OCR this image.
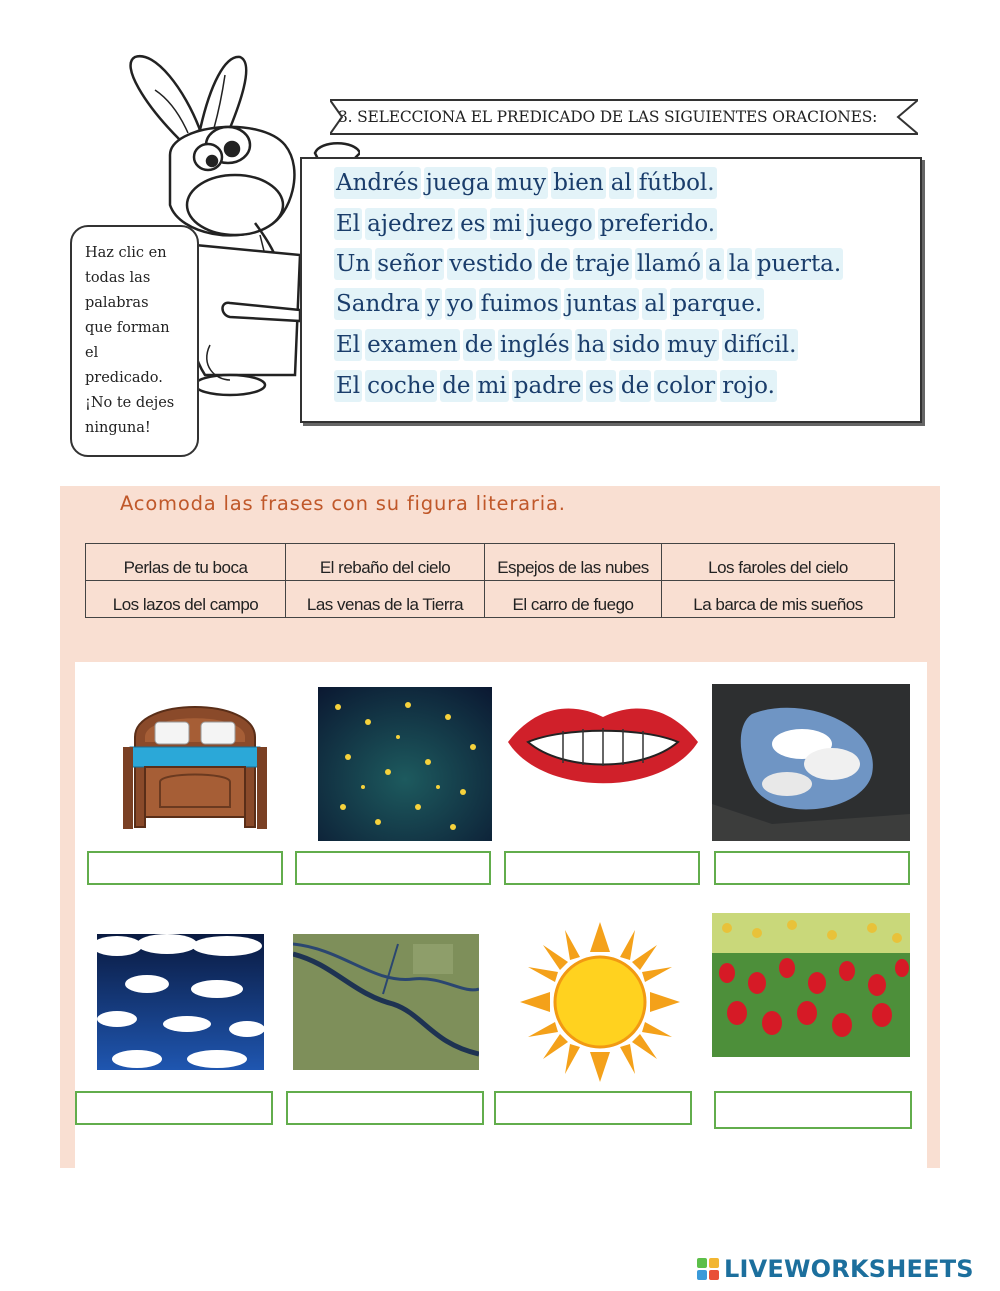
3. SELECCIONA EL PREDICADO DE LAS SIGUIENTES ORACIONES:
Andrés juega muy bien al fútbol.
El ajedrez es mi juego preferido.
Un señor vestido de traje llamó a la puerta.
Sandra y yo fuimos juntas al parque.
El examen de inglés ha sido muy difícil.
El coche de mi padre es de color rojo.
Haz clic en
todas las
palabras
que forman
el
predicado.
¡No te dejes
ninguna!
Acomoda las frases con su figura literaria.
Perlas de tu boca	El rebaño del cielo	Espejos de las nubes	Los faroles del cielo
Los lazos del campo	Las venas de la Tierra	El carro de fuego	La barca de mis sueños
LIVEWORKSHEETS
